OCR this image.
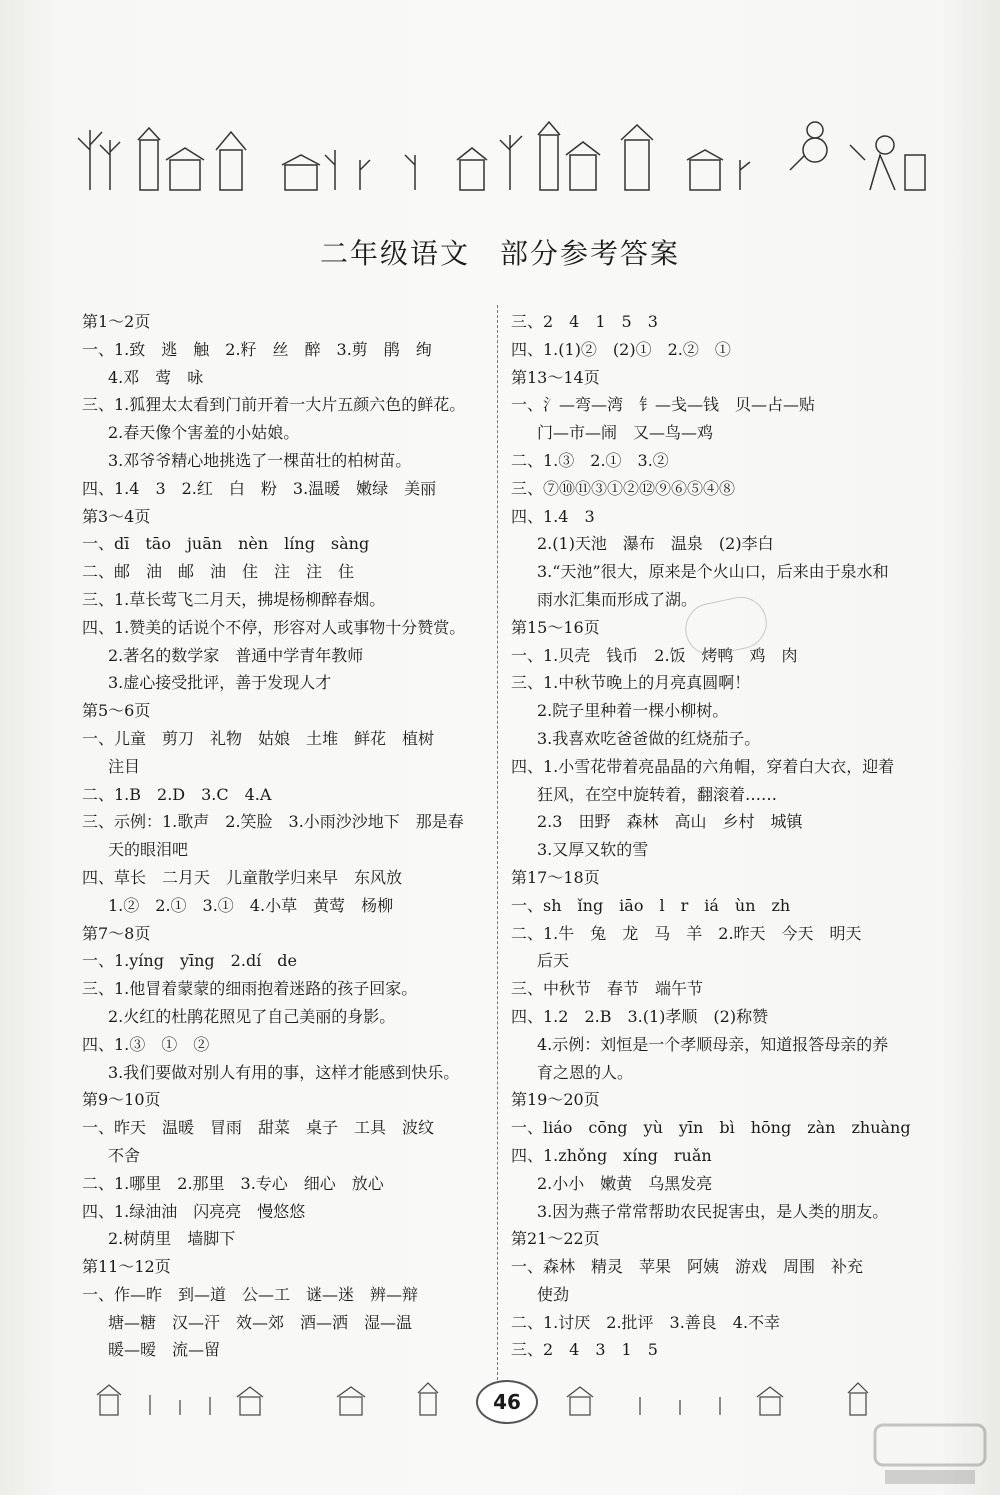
二年级语文　部分参考答案
第1～2页
一、1.致　逃　触　2.籽　丝　醉　3.剪　鹃　绚
4.邓　莺　咏
三、1.狐狸太太看到门前开着一大片五颜六色的鲜花。
2.春天像个害羞的小姑娘。
3.邓爷爷精心地挑选了一棵苗壮的柏树苗。
四、1.4　3　2.红　白　粉　3.温暖　嫩绿　美丽
第3～4页
一、dī　tāo　juān　nèn　líng　sàng
二、邮　油　邮　油　住　注　注　住
三、1.草长莺飞二月天，拂堤杨柳醉春烟。
四、1.赞美的话说个不停，形容对人或事物十分赞赏。
2.著名的数学家　普通中学青年教师
3.虚心接受批评，善于发现人才
第5～6页
一、儿童　剪刀　礼物　姑娘　土堆　鲜花　植树
注目
二、1.B　2.D　3.C　4.A
三、示例：1.歌声　2.笑脸　3.小雨沙沙地下　那是春
天的眼泪吧
四、草长　二月天　儿童散学归来早　东风放
1.②　2.①　3.①　4.小草　黄莺　杨柳
第7～8页
一、1.yíng　yīng　2.dí　de
三、1.他冒着蒙蒙的细雨抱着迷路的孩子回家。
2.火红的杜鹃花照见了自己美丽的身影。
四、1.③　①　②
3.我们要做对别人有用的事，这样才能感到快乐。
第9～10页
一、昨天　温暖　冒雨　甜菜　桌子　工具　波纹
不舍
二、1.哪里　2.那里　3.专心　细心　放心
四、1.绿油油　闪亮亮　慢悠悠
2.树荫里　墙脚下
第11～12页
一、作—昨　到—道　公—工　谜—迷　辨—辩
塘—糖　汉—汗　效—郊　酒—洒　湿—温
暖—暧　流—留
三、2　4　1　5　3
四、1.(1)②　(2)①　2.②　①
第13～14页
一、氵—弯—湾　钅—戋—钱　贝—占—贴
门—市—闹　又—鸟—鸡
二、1.③　2.①　3.②
三、⑦⑩⑪③①②⑫⑨⑥⑤④⑧
四、1.4　3
2.(1)天池　瀑布　温泉　(2)李白
3.“天池”很大，原来是个火山口，后来由于泉水和
雨水汇集而形成了湖。
第15～16页
一、1.贝壳　钱币　2.饭　烤鸭　鸡　肉
三、1.中秋节晚上的月亮真圆啊！
2.院子里种着一棵小柳树。
3.我喜欢吃爸爸做的红烧茄子。
四、1.小雪花带着亮晶晶的六角帽，穿着白大衣，迎着
狂风，在空中旋转着，翻滚着……
2.3　田野　森林　高山　乡村　城镇
3.又厚又软的雪
第17～18页
一、sh　ǐng　iāo　l　r　iá　ùn　zh
二、1.牛　兔　龙　马　羊　2.昨天　今天　明天
后天
三、中秋节　春节　端午节
四、1.2　2.B　3.(1)孝顺　(2)称赞
4.示例：刘恒是一个孝顺母亲，知道报答母亲的养
育之恩的人。
第19～20页
一、liáo　cōng　yù　yīn　bì　hōng　zàn　zhuàng
四、1.zhǒng　xíng　ruǎn
2.小小　嫩黄　乌黑发亮
3.因为燕子常常帮助农民捉害虫，是人类的朋友。
第21～22页
一、森林　精灵　苹果　阿姨　游戏　周围　补充
使劲
二、1.讨厌　2.批评　3.善良　4.不幸
三、2　4　3　1　5
46
